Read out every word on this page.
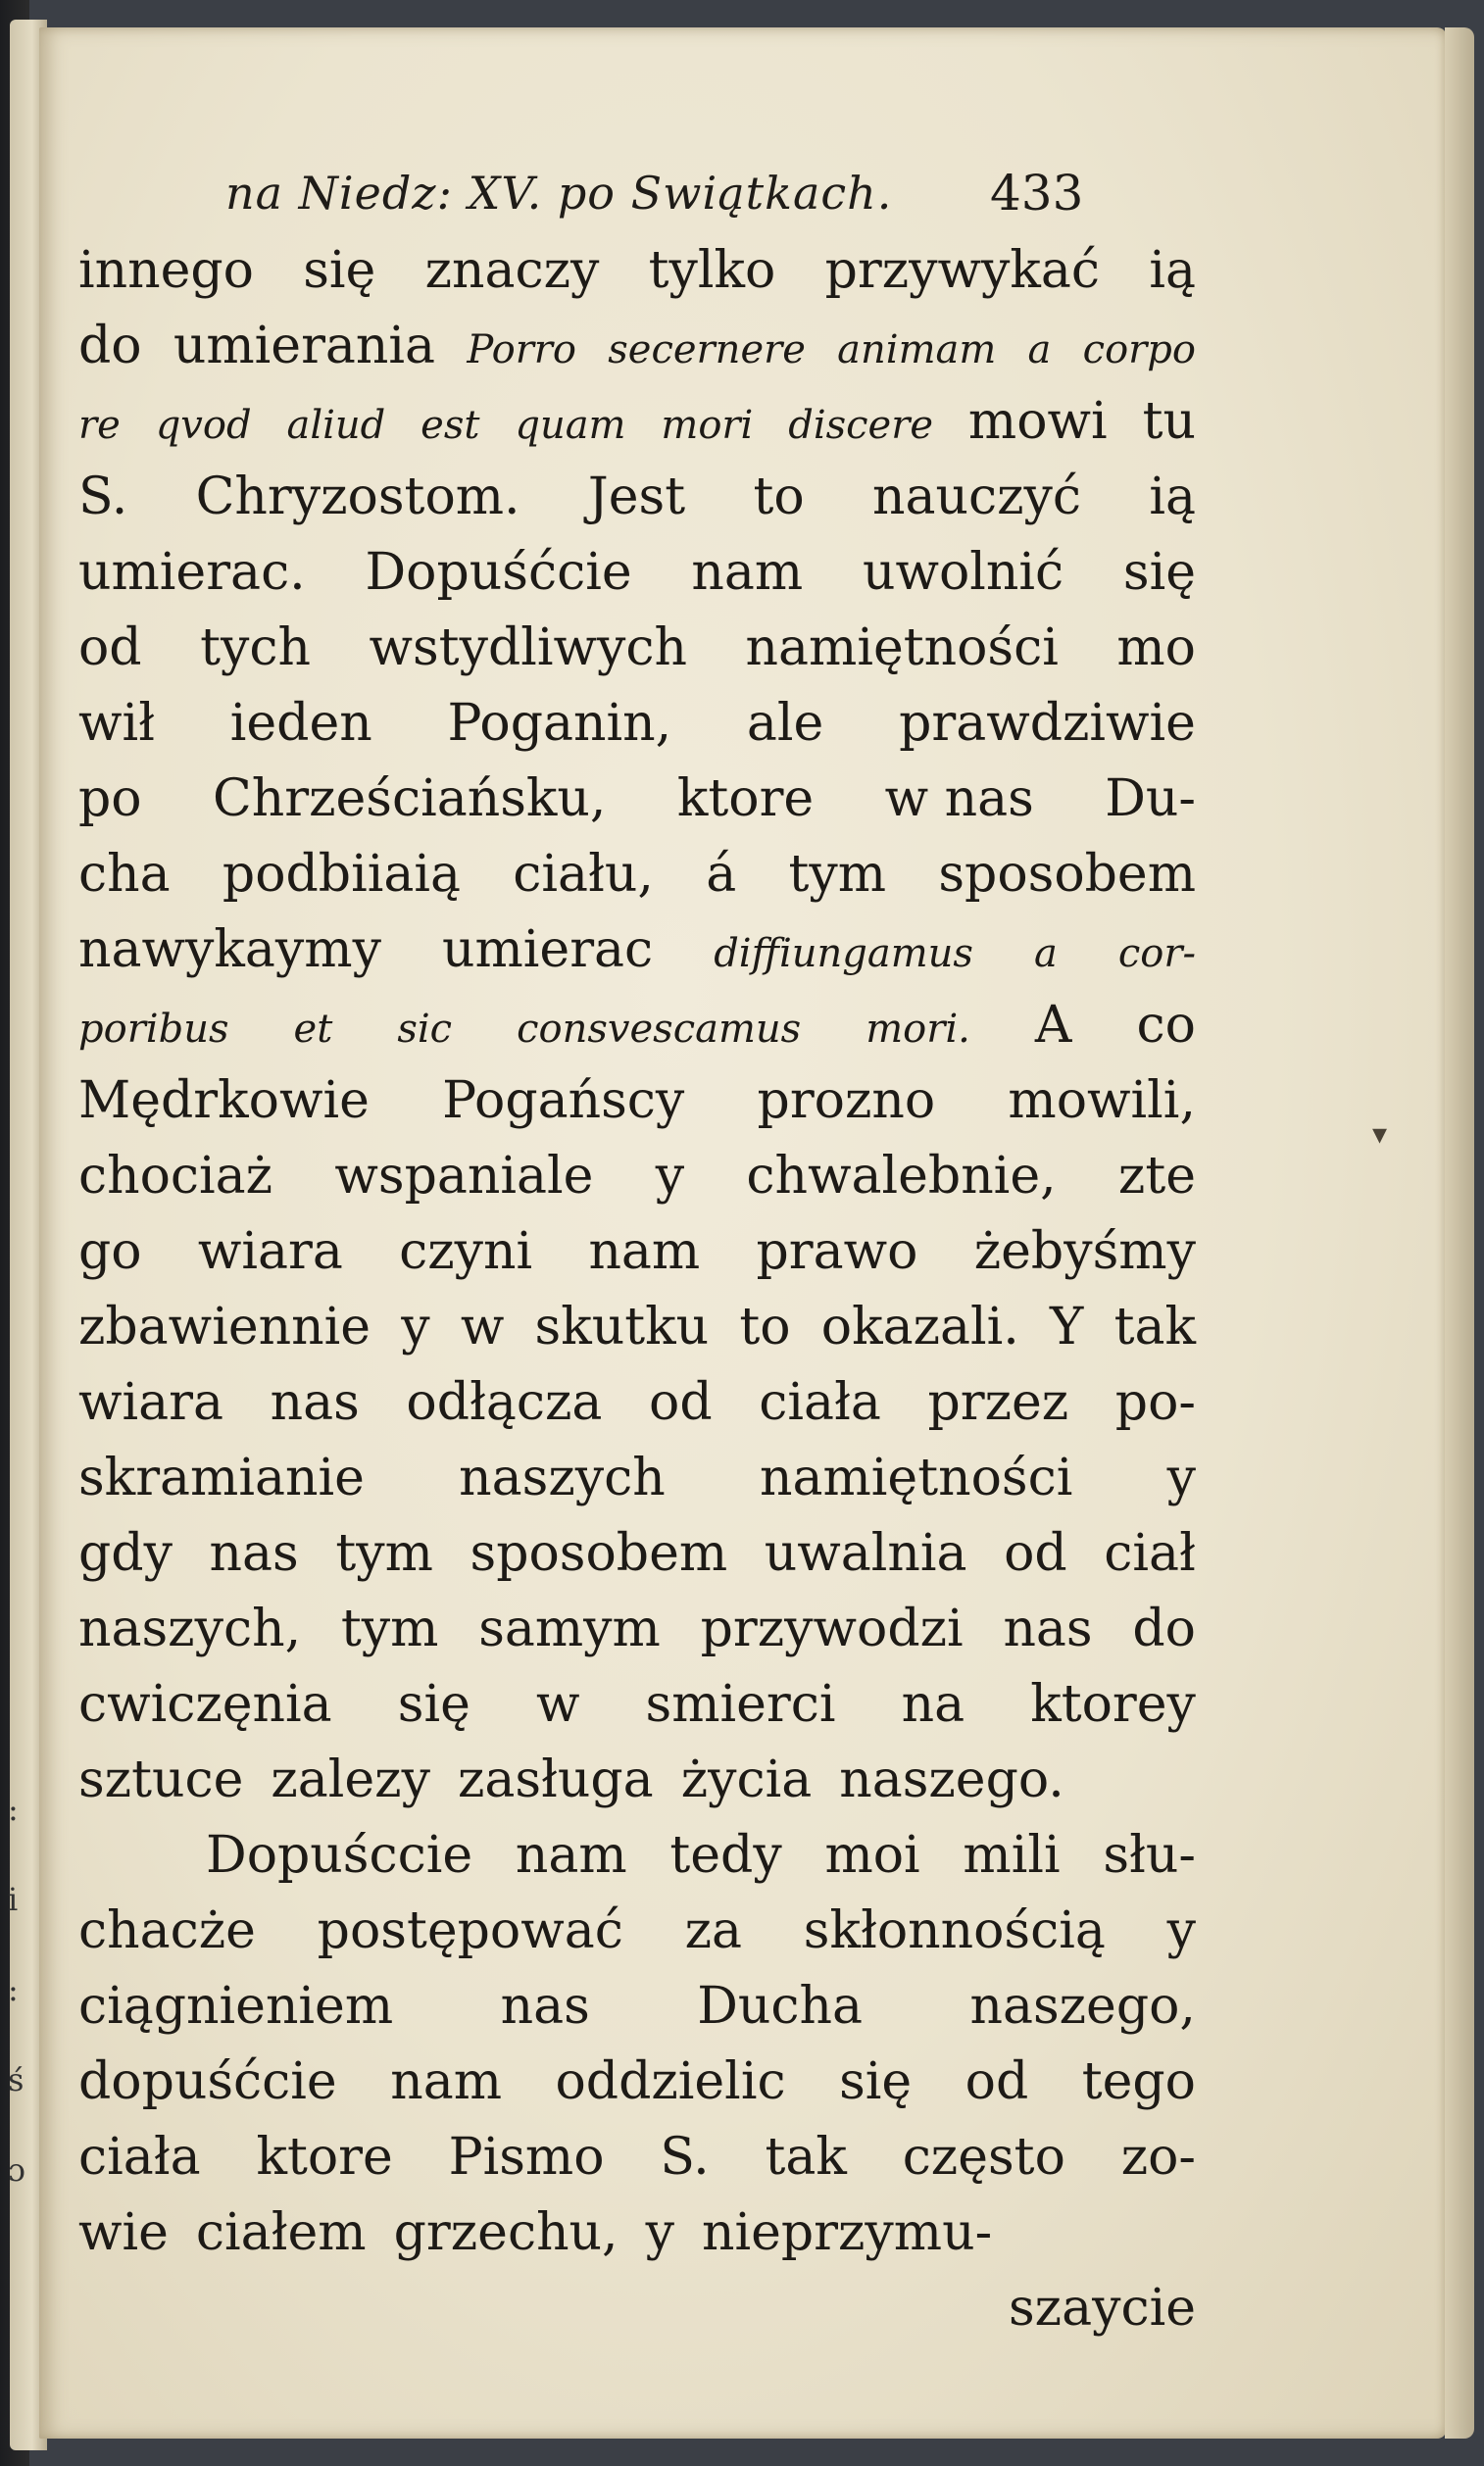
:
i
:
ś
ɔ
na Niedz: XV. po Swiątkach. 433
innego się znaczy tylko przywykać ią
do umierania Porro secernere animam a corpo
re qvod aliud est quam mori discere mowi tu
S. Chryzostom. Jest to nauczyć ią
umierac. Dopuśćcie nam uwolnić się
od tych wstydliwych namiętności mo
wił ieden Poganin, ale prawdziwie
po Chrześciańsku, ktore w nas Du-
cha podbiiaią ciału, á tym sposobem
nawykaymy umierac diffiungamus a cor-
poribus et sic consvescamus mori. A co
Mędrkowie Pogańscy prozno mowili,
chociaż wspaniale y chwalebnie, zte
go wiara czyni nam prawo żebyśmy
zbawiennie y w skutku to okazali. Y tak
wiara nas odłącza od ciała przez po-
skramianie naszych namiętności y
gdy nas tym sposobem uwalnia od ciał
naszych, tym samym przywodzi nas do
cwiczęnia się w smierci na ktorey
sztuce zalezy zasługa życia naszego.
Dopuśccie nam tedy moi mili słu-
chacże postępować za skłonnością y
ciągnieniem nas Ducha naszego,
dopuśćcie nam oddzielic się od tego
ciała ktore Pismo S. tak często zo-
wie ciałem grzechu, y nieprzymu-
szaycie
▾
